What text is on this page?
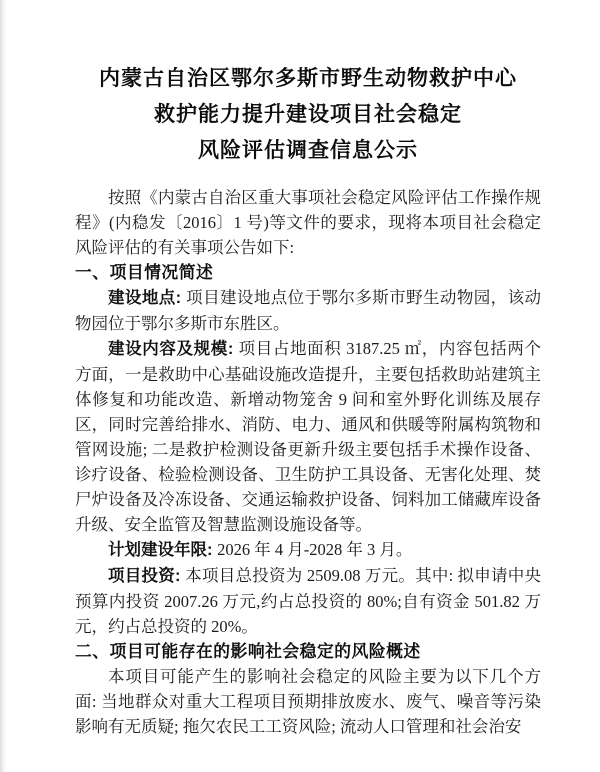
内蒙古自治区鄂尔多斯市野生动物救护中心
救护能力提升建设项目社会稳定
风险评估调查信息公示

按照《内蒙古自治区重大事项社会稳定风险评估工作操作规程》(内稳发〔2016〕1 号)等文件的要求，现将本项目社会稳定风险评估的有关事项公告如下:

一、项目情况简述

建设地点: 项目建设地点位于鄂尔多斯市野生动物园，该动物园位于鄂尔多斯市东胜区。

建设内容及规模: 项目占地面积 3187.25 ㎡，内容包括两个方面，一是救助中心基础设施改造提升，主要包括救助站建筑主体修复和功能改造、新增动物笼舍 9 间和室外野化训练及展存区，同时完善给排水、消防、电力、通风和供暖等附属构筑物和管网设施; 二是救护检测设备更新升级主要包括手术操作设备、诊疗设备、检验检测设备、卫生防护工具设备、无害化处理、焚尸炉设备及冷冻设备、交通运输救护设备、饲料加工储藏库设备升级、安全监管及智慧监测设施设备等。

计划建设年限: 2026 年 4 月-2028 年 3 月。

项目投资: 本项目总投资为 2509.08 万元。其中: 拟申请中央预算内投资 2007.26 万元,约占总投资的 80%;自有资金 501.82 万元，约占总投资的 20%。

二、项目可能存在的影响社会稳定的风险概述

本项目可能产生的影响社会稳定的风险主要为以下几个方面: 当地群众对重大工程项目预期排放废水、废气、噪音等污染影响有无质疑; 拖欠农民工工资风险; 流动人口管理和社会治安
